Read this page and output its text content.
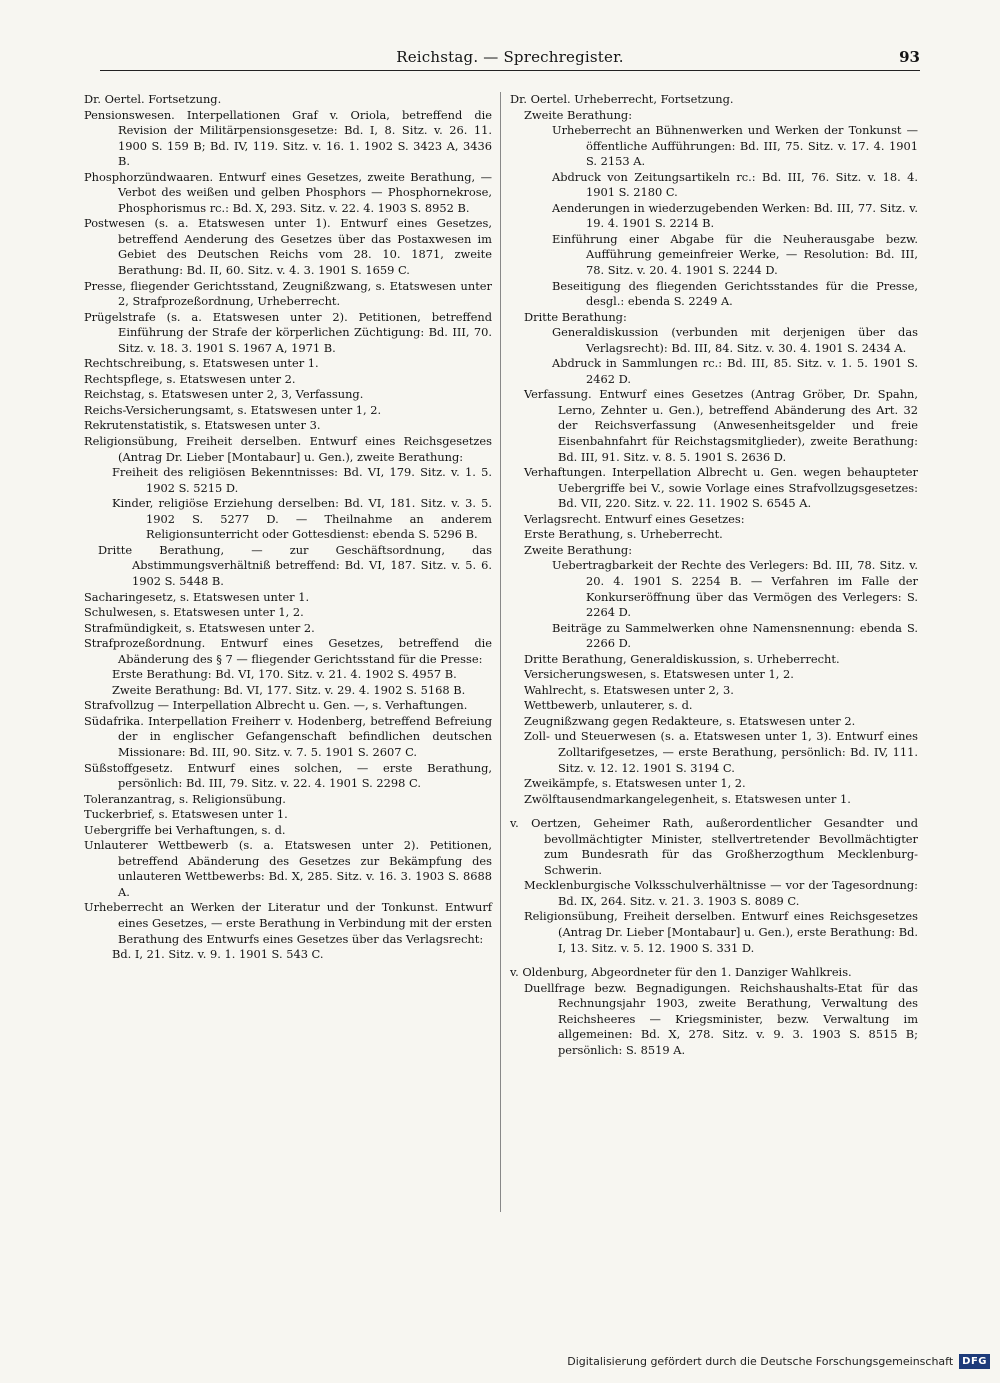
Reichstag. — Sprechregister.	93

Dr. Oertel. Fortsetzung.

Pensionswesen. Interpellationen Graf v. Oriola, betreffend die Revision der Militärpensionsgesetze: Bd. I, 8. Sitz. v. 26. 11. 1900 S. 159 B; Bd. IV, 119. Sitz. v. 16. 1. 1902 S. 3423 A, 3436 B.

Phosphorzündwaaren. Entwurf eines Gesetzes, zweite Berathung, — Verbot des weißen und gelben Phosphors — Phosphornekrose, Phosphorismus rc.: Bd. X, 293. Sitz. v. 22. 4. 1903 S. 8952 B.

Postwesen (s. a. Etatswesen unter 1). Entwurf eines Gesetzes, betreffend Aenderung des Gesetzes über das Postaxwesen im Gebiet des Deutschen Reichs vom 28. 10. 1871, zweite Berathung: Bd. II, 60. Sitz. v. 4. 3. 1901 S. 1659 C.

Presse, fliegender Gerichtsstand, Zeugnißzwang, s. Etatswesen unter 2, Strafprozeßordnung, Urheberrecht.

Prügelstrafe (s. a. Etatswesen unter 2). Petitionen, betreffend Einführung der Strafe der körperlichen Züchtigung: Bd. III, 70. Sitz. v. 18. 3. 1901 S. 1967 A, 1971 B.

Rechtschreibung, s. Etatswesen unter 1.

Rechtspflege, s. Etatswesen unter 2.

Reichstag, s. Etatswesen unter 2, 3, Verfassung.

Reichs-Versicherungsamt, s. Etatswesen unter 1, 2.

Rekrutenstatistik, s. Etatswesen unter 3.

Religionsübung, Freiheit derselben. Entwurf eines Reichsgesetzes (Antrag Dr. Lieber [Montabaur] u. Gen.), zweite Berathung:

Freiheit des religiösen Bekenntnisses: Bd. VI, 179. Sitz. v. 1. 5. 1902 S. 5215 D.

Kinder, religiöse Erziehung derselben: Bd. VI, 181. Sitz. v. 3. 5. 1902 S. 5277 D. — Theilnahme an anderem Religionsunterricht oder Gottesdienst: ebenda S. 5296 B.

Dritte Berathung, — zur Geschäftsordnung, das Abstimmungsverhältniß betreffend: Bd. VI, 187. Sitz. v. 5. 6. 1902 S. 5448 B.

Sacharingesetz, s. Etatswesen unter 1.

Schulwesen, s. Etatswesen unter 1, 2.

Strafmündigkeit, s. Etatswesen unter 2.

Strafprozeßordnung. Entwurf eines Gesetzes, betreffend die Abänderung des § 7 — fliegender Gerichtsstand für die Presse:

Erste Berathung: Bd. VI, 170. Sitz. v. 21. 4. 1902 S. 4957 B.

Zweite Berathung: Bd. VI, 177. Sitz. v. 29. 4. 1902 S. 5168 B.

Strafvollzug — Interpellation Albrecht u. Gen. —, s. Verhaftungen.

Südafrika. Interpellation Freiherr v. Hodenberg, betreffend Befreiung der in englischer Gefangenschaft befindlichen deutschen Missionare: Bd. III, 90. Sitz. v. 7. 5. 1901 S. 2607 C.

Süßstoffgesetz. Entwurf eines solchen, — erste Berathung, persönlich: Bd. III, 79. Sitz. v. 22. 4. 1901 S. 2298 C.

Toleranzantrag, s. Religionsübung.

Tuckerbrief, s. Etatswesen unter 1.

Uebergriffe bei Verhaftungen, s. d.

Unlauterer Wettbewerb (s. a. Etatswesen unter 2). Petitionen, betreffend Abänderung des Gesetzes zur Bekämpfung des unlauteren Wettbewerbs: Bd. X, 285. Sitz. v. 16. 3. 1903 S. 8688 A.

Urheberrecht an Werken der Literatur und der Tonkunst. Entwurf eines Gesetzes, — erste Berathung in Verbindung mit der ersten Berathung des Entwurfs eines Gesetzes über das Verlagsrecht:

Bd. I, 21. Sitz. v. 9. 1. 1901 S. 543 C.

Dr. Oertel. Urheberrecht, Fortsetzung.

Zweite Berathung:

Urheberrecht an Bühnenwerken und Werken der Tonkunst — öffentliche Aufführungen: Bd. III, 75. Sitz. v. 17. 4. 1901 S. 2153 A.

Abdruck von Zeitungsartikeln rc.: Bd. III, 76. Sitz. v. 18. 4. 1901 S. 2180 C.

Aenderungen in wiederzugebenden Werken: Bd. III, 77. Sitz. v. 19. 4. 1901 S. 2214 B.

Einführung einer Abgabe für die Neuherausgabe bezw. Aufführung gemeinfreier Werke, — Resolution: Bd. III, 78. Sitz. v. 20. 4. 1901 S. 2244 D.

Beseitigung des fliegenden Gerichtsstandes für die Presse, desgl.: ebenda S. 2249 A.

Dritte Berathung:

Generaldiskussion (verbunden mit derjenigen über das Verlagsrecht): Bd. III, 84. Sitz. v. 30. 4. 1901 S. 2434 A.

Abdruck in Sammlungen rc.: Bd. III, 85. Sitz. v. 1. 5. 1901 S. 2462 D.

Verfassung. Entwurf eines Gesetzes (Antrag Gröber, Dr. Spahn, Lerno, Zehnter u. Gen.), betreffend Abänderung des Art. 32 der Reichsverfassung (Anwesenheitsgelder und freie Eisenbahnfahrt für Reichstagsmitglieder), zweite Berathung: Bd. III, 91. Sitz. v. 8. 5. 1901 S. 2636 D.

Verhaftungen. Interpellation Albrecht u. Gen. wegen behaupteter Uebergriffe bei V., sowie Vorlage eines Strafvollzugsgesetzes: Bd. VII, 220. Sitz. v. 22. 11. 1902 S. 6545 A.

Verlagsrecht. Entwurf eines Gesetzes:

Erste Berathung, s. Urheberrecht.

Zweite Berathung:

Uebertragbarkeit der Rechte des Verlegers: Bd. III, 78. Sitz. v. 20. 4. 1901 S. 2254 B. — Verfahren im Falle der Konkurseröffnung über das Vermögen des Verlegers: S. 2264 D.

Beiträge zu Sammelwerken ohne Namensnennung: ebenda S. 2266 D.

Dritte Berathung, Generaldiskussion, s. Urheberrecht.

Versicherungswesen, s. Etatswesen unter 1, 2.

Wahlrecht, s. Etatswesen unter 2, 3.

Wettbewerb, unlauterer, s. d.

Zeugnißzwang gegen Redakteure, s. Etatswesen unter 2.

Zoll- und Steuerwesen (s. a. Etatswesen unter 1, 3). Entwurf eines Zolltarifgesetzes, — erste Berathung, persönlich: Bd. IV, 111. Sitz. v. 12. 12. 1901 S. 3194 C.

Zweikämpfe, s. Etatswesen unter 1, 2.

Zwölftausendmarkangelegenheit, s. Etatswesen unter 1.

v. Oertzen, Geheimer Rath, außerordentlicher Gesandter und bevollmächtigter Minister, stellvertretender Bevollmächtigter zum Bundesrath für das Großherzogthum Mecklenburg-Schwerin.

Mecklenburgische Volksschulverhältnisse — vor der Tagesordnung: Bd. IX, 264. Sitz. v. 21. 3. 1903 S. 8089 C.

Religionsübung, Freiheit derselben. Entwurf eines Reichsgesetzes (Antrag Dr. Lieber [Montabaur] u. Gen.), erste Berathung: Bd. I, 13. Sitz. v. 5. 12. 1900 S. 331 D.

v. Oldenburg, Abgeordneter für den 1. Danziger Wahlkreis.

Duellfrage bezw. Begnadigungen. Reichshaushalts-Etat für das Rechnungsjahr 1903, zweite Berathung, Verwaltung des Reichsheeres — Kriegsminister, bezw. Verwaltung im allgemeinen: Bd. X, 278. Sitz. v. 9. 3. 1903 S. 8515 B; persönlich: S. 8519 A.

Digitalisierung gefördert durch die Deutsche Forschungsgemeinschaft DFG
